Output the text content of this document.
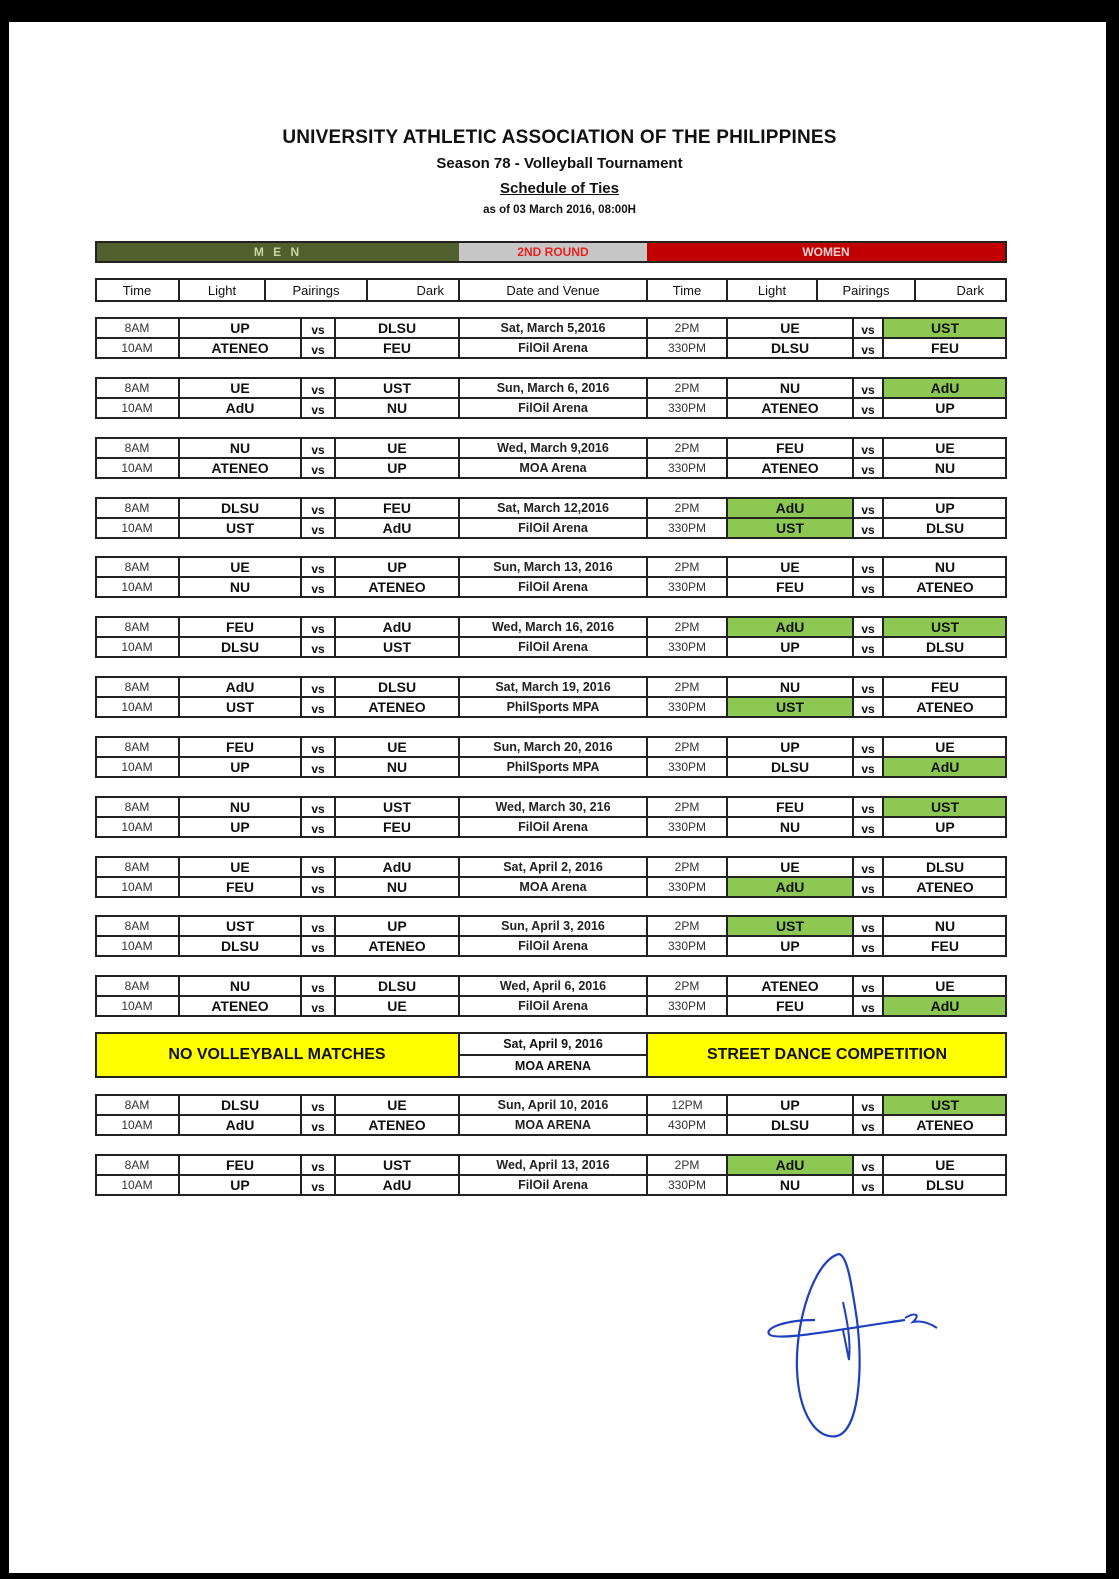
UNIVERSITY ATHLETIC ASSOCIATION OF THE PHILIPPINES
Season 78 - Volleyball Tournament
Schedule of Ties
as of 03 March 2016, 08:00H
M E N	2ND ROUND	WOMEN
Time	Light	Pairings	Dark	Date and Venue	Time	Light	Pairings	Dark
8AM	UP	vs	DLSU	Sat, March 5,2016	2PM	UE	vs	UST
10AM	ATENEO	vs	FEU	FilOil Arena	330PM	DLSU	vs	FEU
8AM	UE	vs	UST	Sun, March 6, 2016	2PM	NU	vs	AdU
10AM	AdU	vs	NU	FilOil Arena	330PM	ATENEO	vs	UP
8AM	NU	vs	UE	Wed, March 9,2016	2PM	FEU	vs	UE
10AM	ATENEO	vs	UP	MOA Arena	330PM	ATENEO	vs	NU
8AM	DLSU	vs	FEU	Sat, March 12,2016	2PM	AdU	vs	UP
10AM	UST	vs	AdU	FilOil Arena	330PM	UST	vs	DLSU
8AM	UE	vs	UP	Sun, March 13, 2016	2PM	UE	vs	NU
10AM	NU	vs	ATENEO	FilOil Arena	330PM	FEU	vs	ATENEO
8AM	FEU	vs	AdU	Wed, March 16, 2016	2PM	AdU	vs	UST
10AM	DLSU	vs	UST	FilOil Arena	330PM	UP	vs	DLSU
8AM	AdU	vs	DLSU	Sat, March 19, 2016	2PM	NU	vs	FEU
10AM	UST	vs	ATENEO	PhilSports MPA	330PM	UST	vs	ATENEO
8AM	FEU	vs	UE	Sun, March 20, 2016	2PM	UP	vs	UE
10AM	UP	vs	NU	PhilSports MPA	330PM	DLSU	vs	AdU
8AM	NU	vs	UST	Wed, March 30, 216	2PM	FEU	vs	UST
10AM	UP	vs	FEU	FilOil Arena	330PM	NU	vs	UP
8AM	UE	vs	AdU	Sat, April 2, 2016	2PM	UE	vs	DLSU
10AM	FEU	vs	NU	MOA Arena	330PM	AdU	vs	ATENEO
8AM	UST	vs	UP	Sun, April 3, 2016	2PM	UST	vs	NU
10AM	DLSU	vs	ATENEO	FilOil Arena	330PM	UP	vs	FEU
8AM	NU	vs	DLSU	Wed, April 6, 2016	2PM	ATENEO	vs	UE
10AM	ATENEO	vs	UE	FilOil Arena	330PM	FEU	vs	AdU
NO VOLLEYBALL MATCHES
Sat, April 9, 2016
MOA ARENA
STREET DANCE COMPETITION
8AM	DLSU	vs	UE	Sun, April 10, 2016	12PM	UP	vs	UST
10AM	AdU	vs	ATENEO	MOA ARENA	430PM	DLSU	vs	ATENEO
8AM	FEU	vs	UST	Wed, April 13, 2016	2PM	AdU	vs	UE
10AM	UP	vs	AdU	FilOil Arena	330PM	NU	vs	DLSU
